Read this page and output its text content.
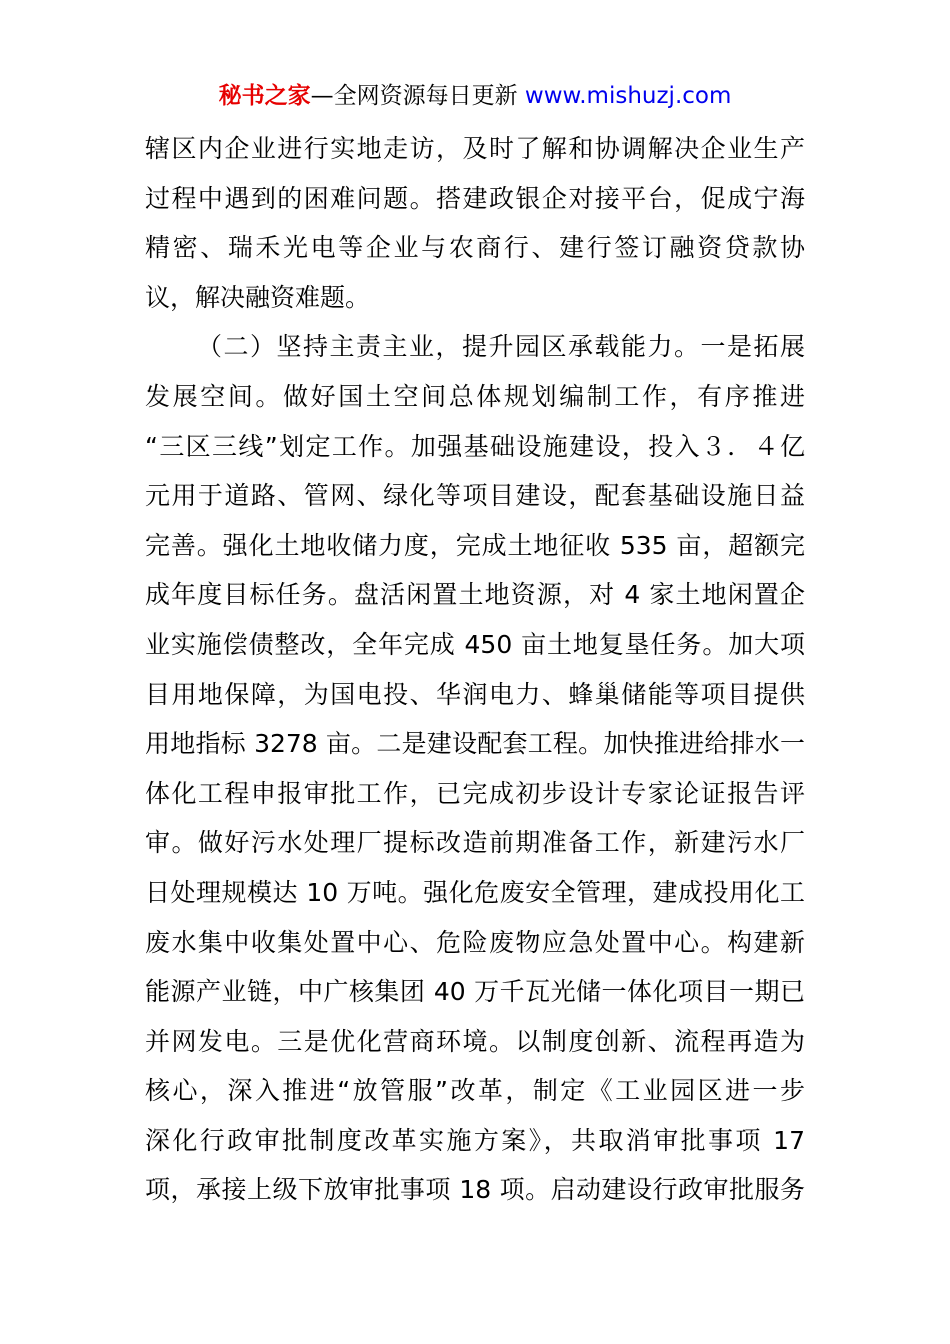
秘书之家—全网资源每日更新 www.mishuzj.com
辖区内企业进行实地走访，及时了解和协调解决企业生产
过程中遇到的困难问题。搭建政银企对接平台，促成宁海
精密、瑞禾光电等企业与农商行、建行签订融资贷款协
议，解决融资难题。
（二）坚持主责主业，提升园区承载能力。一是拓展
发展空间。做好国土空间总体规划编制工作，有序推进
“三区三线”划定工作。加强基础设施建设，投入３．４亿
元用于道路、管网、绿化等项目建设，配套基础设施日益
完善。强化土地收储力度，完成土地征收 535 亩，超额完
成年度目标任务。盘活闲置土地资源，对 4 家土地闲置企
业实施偿债整改，全年完成 450 亩土地复垦任务。加大项
目用地保障，为国电投、华润电力、蜂巢储能等项目提供
用地指标 3278 亩。二是建设配套工程。加快推进给排水一
体化工程申报审批工作，已完成初步设计专家论证报告评
审。做好污水处理厂提标改造前期准备工作，新建污水厂
日处理规模达 10 万吨。强化危废安全管理，建成投用化工
废水集中收集处置中心、危险废物应急处置中心。构建新
能源产业链，中广核集团 40 万千瓦光储一体化项目一期已
并网发电。三是优化营商环境。以制度创新、流程再造为
核心，深入推进“放管服”改革，制定《工业园区进一步
深化行政审批制度改革实施方案》，共取消审批事项 17
项，承接上级下放审批事项 18 项。启动建设行政审批服务
